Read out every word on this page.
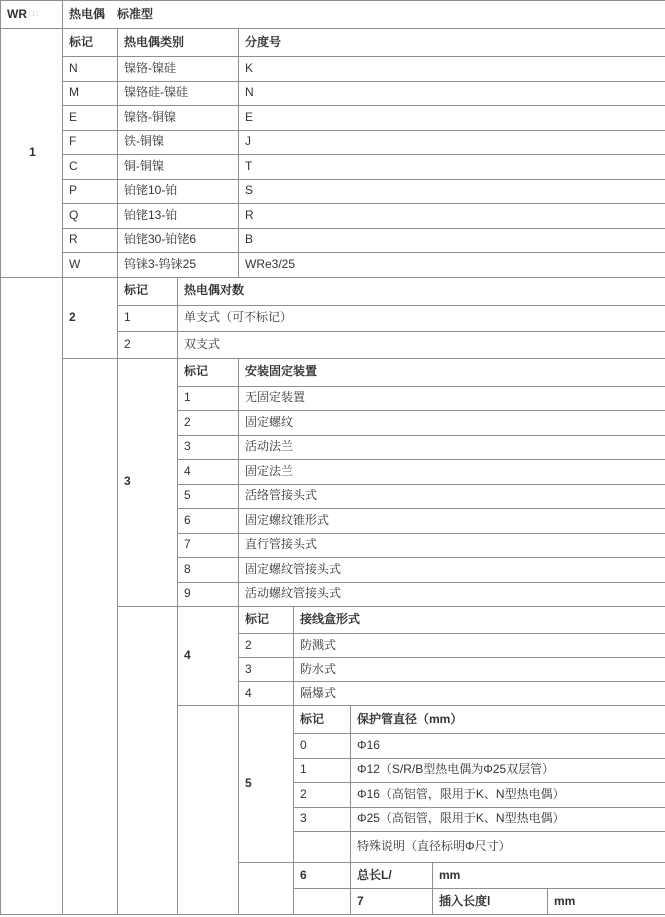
WR □□	热电偶　标准型							
1	标记	热电偶类别		分度号				
	N	镍铬-镍硅		K				
	M	镍铬硅-镍硅		N				
	E	镍铬-铜镍		E				
	F	铁-铜镍		J				
	C	铜-铜镍		T				
	P	铂铑10-铂		S				
	Q	铂铑13-铂		R				
	R	铂铑30-铂铑6		B				
	W	钨铼3-钨铼25		WRe3/25				
	2	标记	热电偶对数					
		1	单支式（可不标记）					
		2	双支式					
		3	标记	安装固定装置				
			1	无固定装置				
			2	固定螺纹				
			3	活动法兰				
			4	固定法兰				
			5	活络管接头式				
			6	固定螺纹锥形式				
			7	直行管接头式				
			8	固定螺纹管接头式				
			9	活动螺纹管接头式				
			4	标记	接线盒形式			
				2	防溅式			
				3	防水式			
				4	隔爆式			
				5	标记	保护管直径（mm）		
					0	Φ16		
					1	Φ12（S/R/B型热电偶为Φ25双层管）		
					2	Φ16（高铝管，限用于K、N型热电偶）		
					3	Φ25（高铝管，限用于K、N型热电偶）		
						特殊说明（直径标明Φ尺寸）		
					6	总长L/	mm	
						7	插入长度l	mm
